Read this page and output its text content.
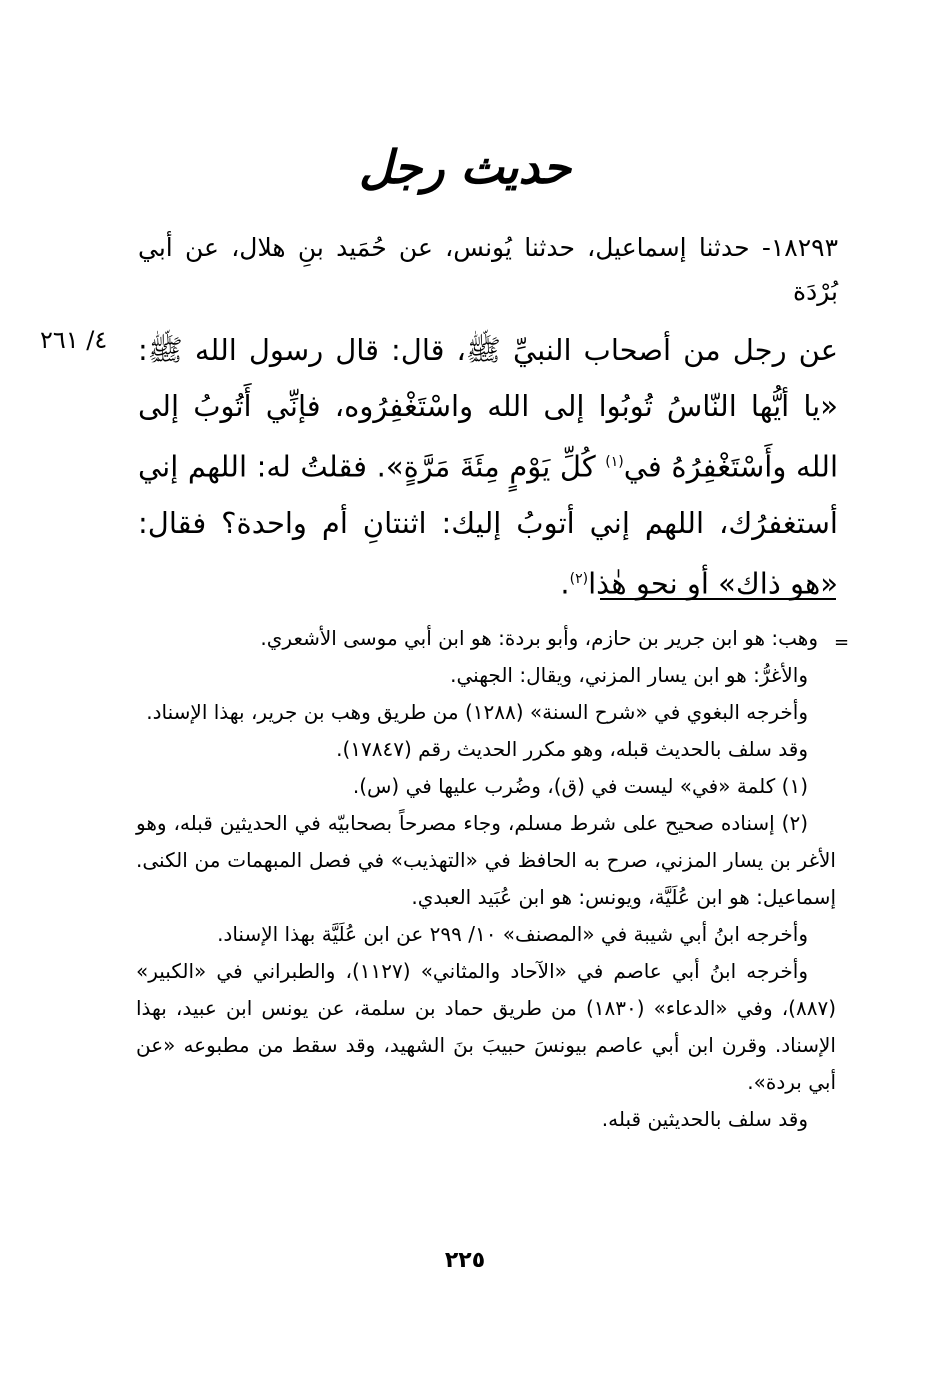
حديث رجل
١٨٢٩٣- حدثنا إسماعيل، حدثنا يُونس، عن حُمَيد بنِ هلال، عن أبي بُرْدَة
٤/ ٢٦١ عن رجل من أصحاب النبيِّ ﷺ، قال: قال رسول الله ﷺ: «يا أيُّها النّاسُ تُوبُوا إلى الله واسْتَغْفِرُوه، فإنِّي أَتُوبُ إلى الله وأَسْتَغْفِرُهُ في$^{(١)}$ كُلِّ يَوْمٍ مِئَةَ مَرَّةٍ». فقلتُ له: اللهم إني أستغفرُك، اللهم إني أتوبُ إليك: اثنتانِ أم واحدة؟ فقال: «هو ذاك» أو نحو هٰذا$^{(٢)}$.
=

وهب: هو ابن جرير بن حازم، وأبو بردة: هو ابن أبي موسى الأشعري.

والأغرُّ: هو ابن يسار المزني، ويقال: الجهني.

وأخرجه البغوي في «شرح السنة» (١٢٨٨) من طريق وهب بن جرير، بهذا الإسناد.

وقد سلف بالحديث قبله، وهو مكرر الحديث رقم (١٧٨٤٧).

(١) كلمة «في» ليست في (ق)، وضُرب عليها في (س).

(٢) إسناده صحيح على شرط مسلم، وجاء مصرحاً بصحابيّه في الحديثين قبله، وهو الأغر بن يسار المزني، صرح به الحافظ في «التهذيب» في فصل المبهمات من الكنى. إسماعيل: هو ابن عُلَيَّة، ويونس: هو ابن عُبَيد العبدي.

وأخرجه ابنُ أبي شيبة في «المصنف» ١٠/ ٢٩٩ عن ابن عُلَيَّة بهذا الإسناد.

وأخرجه ابنُ أبي عاصم في «الآحاد والمثاني» (١١٢٧)، والطبراني في «الكبير» (٨٨٧)، وفي «الدعاء» (١٨٣٠) من طريق حماد بن سلمة، عن يونس ابن عبيد، بهذا الإسناد. وقرن ابن أبي عاصم بيونسَ حبيبَ بنَ الشهيد، وقد سقط من مطبوعه «عن أبي بردة».

وقد سلف بالحديثين قبله.

٢٢٥
